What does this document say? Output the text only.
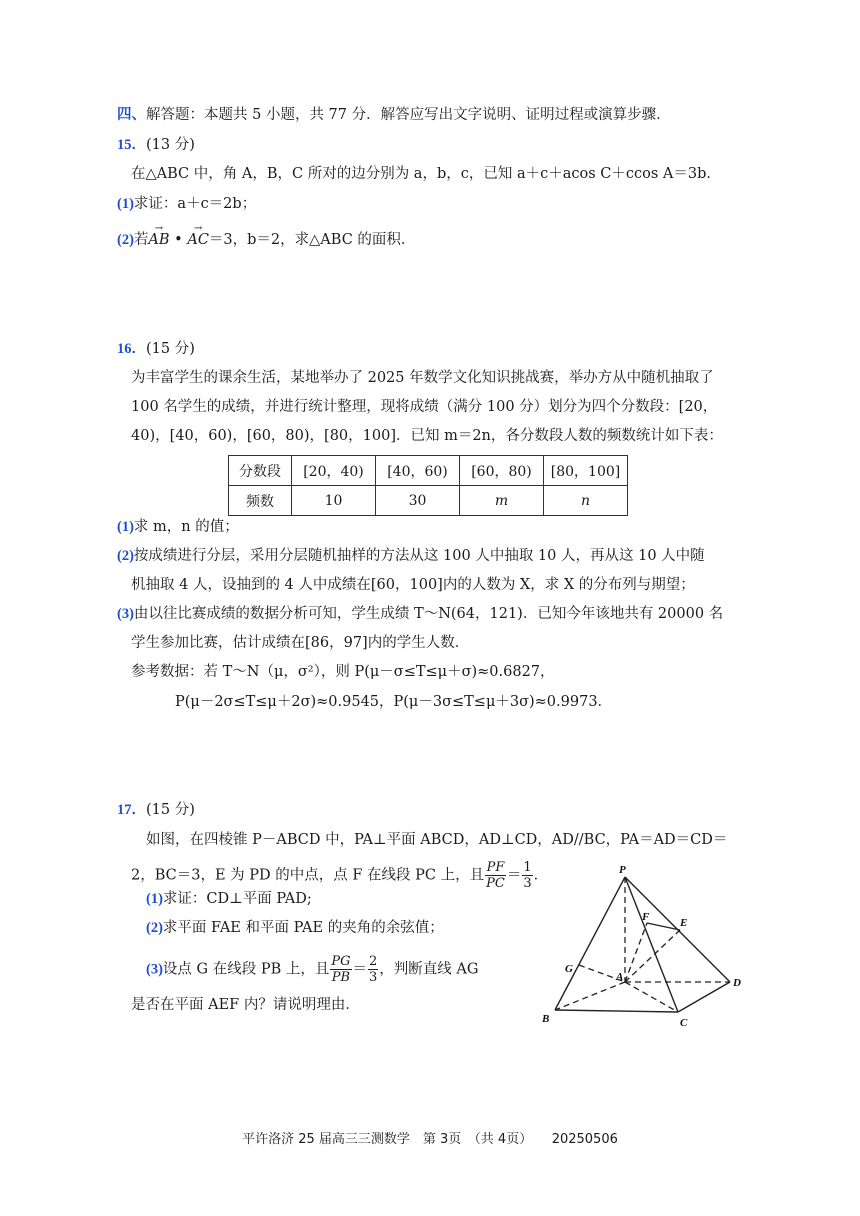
四、解答题：本题共 5 小题，共 77 分．解答应写出文字说明、证明过程或演算步骤．
15．(13 分)
在△ABC 中，角 A，B，C 所对的边分别为 a，b，c，已知 a＋c＋acos C＋ccos A＝3b．
(1)求证：a＋c＝2b；
(2)若→ AB • → AC＝3，b＝2，求△ABC 的面积．
16．(15 分)
为丰富学生的课余生活，某地举办了 2025 年数学文化知识挑战赛，举办方从中随机抽取了
100 名学生的成绩，并进行统计整理，现将成绩（满分 100 分）划分为四个分数段：[20，
40)，[40，60)，[60，80)，[80，100]．已知 m＝2n，各分数段人数的频数统计如下表：
分数段	[20，40)	[40，60)	[60，80)	[80，100]
频数	10	30	m	n
(1)求 m，n 的值；
(2)按成绩进行分层，采用分层随机抽样的方法从这 100 人中抽取 10 人，再从这 10 人中随
机抽取 4 人，设抽到的 4 人中成绩在[60，100]内的人数为 X，求 X 的分布列与期望；
(3)由以往比赛成绩的数据分析可知，学生成绩 T～N(64，121)．已知今年该地共有 20000 名
学生参加比赛，估计成绩在[86，97]内的学生人数．
参考数据：若 T～N（μ，σ²），则 P(μ－σ≤T≤μ＋σ)≈0.6827，
P(μ－2σ≤T≤μ＋2σ)≈0.9545，P(μ－3σ≤T≤μ＋3σ)≈0.9973．
17．(15 分)
如图，在四棱锥 P－ABCD 中，PA⊥平面 ABCD，AD⊥CD，AD//BC，PA＝AD＝CD＝
2，BC＝3，E 为 PD 的中点，点 F 在线段 PC 上，且 $\frac{PF}{PC} = \frac{1}{3}$ ．
(1)求证：CD⊥平面 PAD;
(2)求平面 FAE 和平面 PAE 的夹角的余弦值；
(3)设点 G 在线段 PB 上，且 $\frac{PG}{PB} = \frac{2}{3}$ ，判断直线 AG
是否在平面 AEF 内？请说明理由．
P
F	E
G
A	D
B	C
平许洛济 25 届高三三测数学　第 3页　（共 4页）　　20250506
